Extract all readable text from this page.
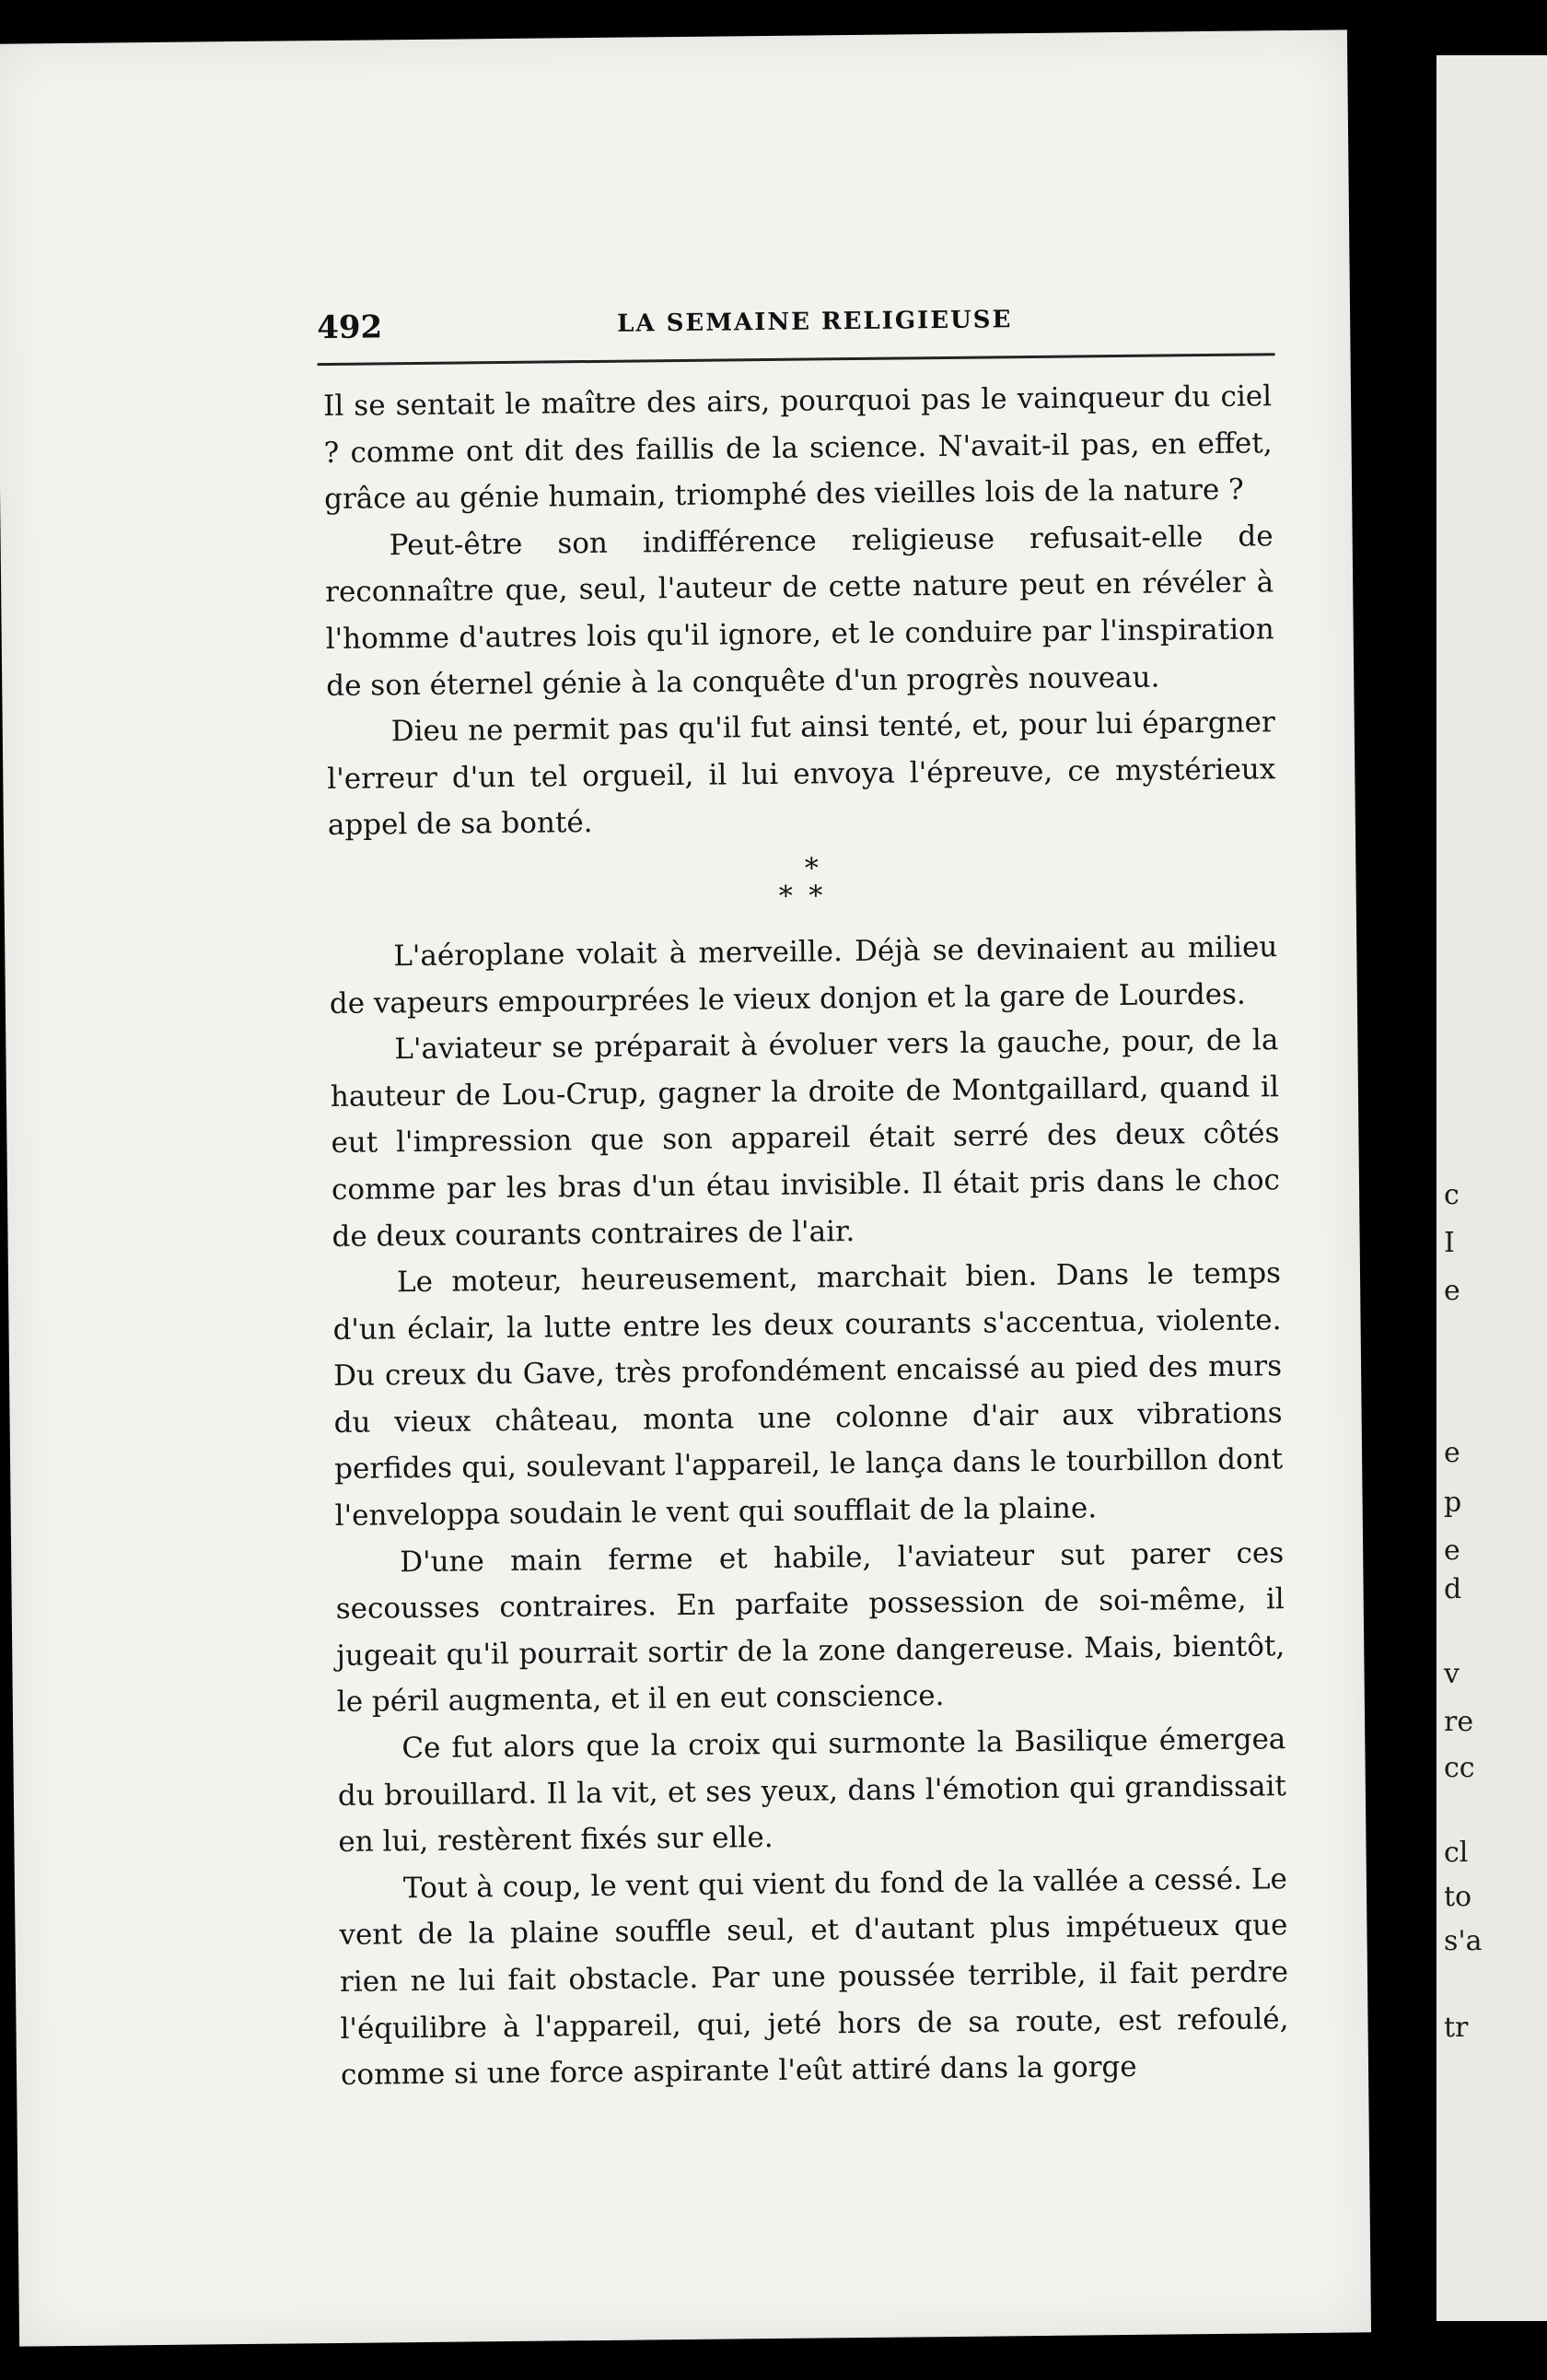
c
I
e
e
p
e
d
v
re
cc
cl
to
s'a
tr
492	LA SEMAINE RELIGIEUSE

Il se sentait le maître des airs, pourquoi pas le vainqueur du ciel ? comme ont dit des faillis de la science. N'avait-il pas, en effet, grâce au génie humain, triomphé des vieilles lois de la nature ?

Peut-être son indifférence religieuse refusait-elle de reconnaître que, seul, l'auteur de cette nature peut en révéler à l'homme d'autres lois qu'il ignore, et le conduire par l'inspiration de son éternel génie à la conquête d'un progrès nouveau.

Dieu ne permit pas qu'il fut ainsi tenté, et, pour lui épargner l'erreur d'un tel orgueil, il lui envoya l'épreuve, ce mystérieux appel de sa bonté.

*
* *

L'aéroplane volait à merveille. Déjà se devinaient au milieu de vapeurs empourprées le vieux donjon et la gare de Lourdes.

L'aviateur se préparait à évoluer vers la gauche, pour, de la hauteur de Lou-Crup, gagner la droite de Montgaillard, quand il eut l'impression que son appareil était serré des deux côtés comme par les bras d'un étau invisible. Il était pris dans le choc de deux courants contraires de l'air.

Le moteur, heureusement, marchait bien. Dans le temps d'un éclair, la lutte entre les deux courants s'accentua, violente. Du creux du Gave, très profondément encaissé au pied des murs du vieux château, monta une colonne d'air aux vibrations perfides qui, soulevant l'appareil, le lança dans le tourbillon dont l'enveloppa soudain le vent qui soufflait de la plaine.

D'une main ferme et habile, l'aviateur sut parer ces secousses contraires. En parfaite possession de soi-même, il jugeait qu'il pourrait sortir de la zone dangereuse. Mais, bientôt, le péril augmenta, et il en eut conscience.

Ce fut alors que la croix qui surmonte la Basilique émergea du brouillard. Il la vit, et ses yeux, dans l'émotion qui grandissait en lui, restèrent fixés sur elle.

Tout à coup, le vent qui vient du fond de la vallée a cessé. Le vent de la plaine souffle seul, et d'autant plus impétueux que rien ne lui fait obstacle. Par une poussée terrible, il fait perdre l'équilibre à l'appareil, qui, jeté hors de sa route, est refoulé, comme si une force aspirante l'eût attiré dans la gorge
